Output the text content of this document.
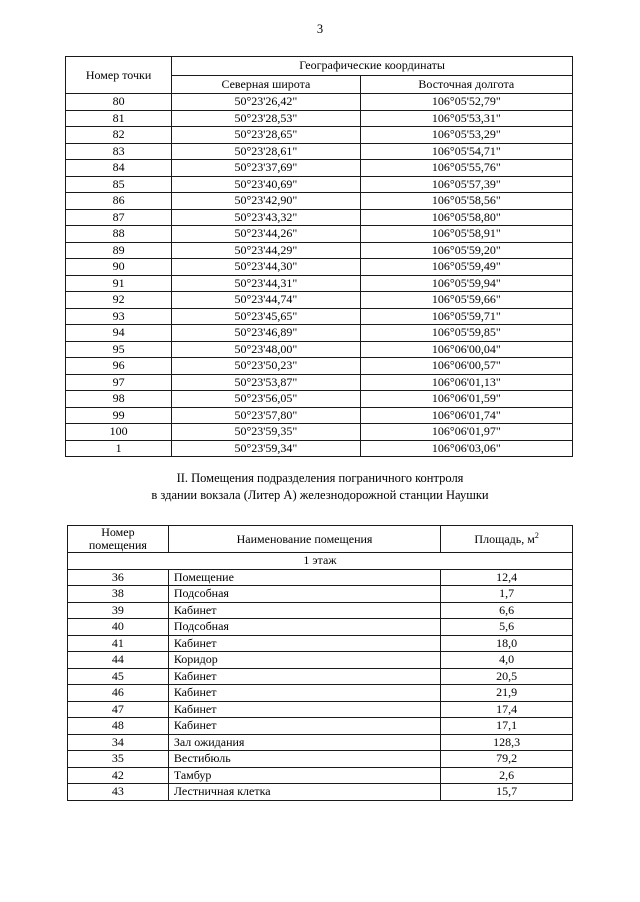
3
Номер точки	Географические координаты	
	Северная широта	Восточная долгота
80	50°23'26,42"	106°05'52,79"
81	50°23'28,53"	106°05'53,31"
82	50°23'28,65"	106°05'53,29"
83	50°23'28,61"	106°05'54,71"
84	50°23'37,69"	106°05'55,76"
85	50°23'40,69"	106°05'57,39"
86	50°23'42,90"	106°05'58,56"
87	50°23'43,32"	106°05'58,80"
88	50°23'44,26"	106°05'58,91"
89	50°23'44,29"	106°05'59,20"
90	50°23'44,30"	106°05'59,49"
91	50°23'44,31"	106°05'59,94"
92	50°23'44,74"	106°05'59,66"
93	50°23'45,65"	106°05'59,71"
94	50°23'46,89"	106°05'59,85"
95	50°23'48,00"	106°06'00,04"
96	50°23'50,23"	106°06'00,57"
97	50°23'53,87"	106°06'01,13"
98	50°23'56,05"	106°06'01,59"
99	50°23'57,80"	106°06'01,74"
100	50°23'59,35"	106°06'01,97"
1	50°23'59,34"	106°06'03,06"
II. Помещения подразделения пограничного контроля
в здании вокзала (Литер А) железнодорожной станции Наушки
Номер
помещения	Наименование помещения	Площадь, $м^2$
1 этаж		
36	Помещение	12,4
38	Подсобная	1,7
39	Кабинет	6,6
40	Подсобная	5,6
41	Кабинет	18,0
44	Коридор	4,0
45	Кабинет	20,5
46	Кабинет	21,9
47	Кабинет	17,4
48	Кабинет	17,1
34	Зал ожидания	128,3
35	Вестибюль	79,2
42	Тамбур	2,6
43	Лестничная клетка	15,7
